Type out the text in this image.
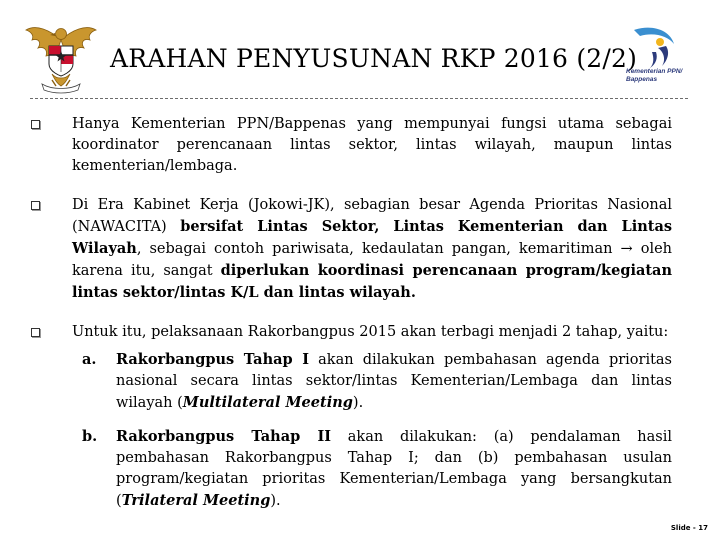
ARAHAN PENYUSUNAN RKP 2016 (2/2)
Kementerian PPN/
Bappenas
Hanya Kementerian PPN/Bappenas yang mempunyai fungsi utama sebagai koordinator perencanaan lintas sektor, lintas wilayah, maupun lintas kementerian/lembaga.
Di Era Kabinet Kerja (Jokowi-JK), sebagian besar Agenda Prioritas Nasional (NAWACITA) bersifat Lintas Sektor, Lintas Kementerian dan Lintas Wilayah, sebagai contoh pariwisata, kedaulatan pangan, kemaritiman → oleh karena itu, sangat diperlukan koordinasi perencanaan program/kegiatan lintas sektor/lintas K/L dan lintas wilayah.
Untuk itu, pelaksanaan Rakorbangpus 2015 akan terbagi menjadi 2 tahap, yaitu:
a. Rakorbangpus Tahap I akan dilakukan pembahasan agenda prioritas nasional secara lintas sektor/lintas Kementerian/Lembaga dan lintas wilayah (Multilateral Meeting).
b. Rakorbangpus Tahap II akan dilakukan: (a) pendalaman hasil pembahasan Rakorbangpus Tahap I; dan (b) pembahasan usulan program/kegiatan prioritas Kementerian/Lembaga yang bersangkutan (Trilateral Meeting).
Slide - 17
